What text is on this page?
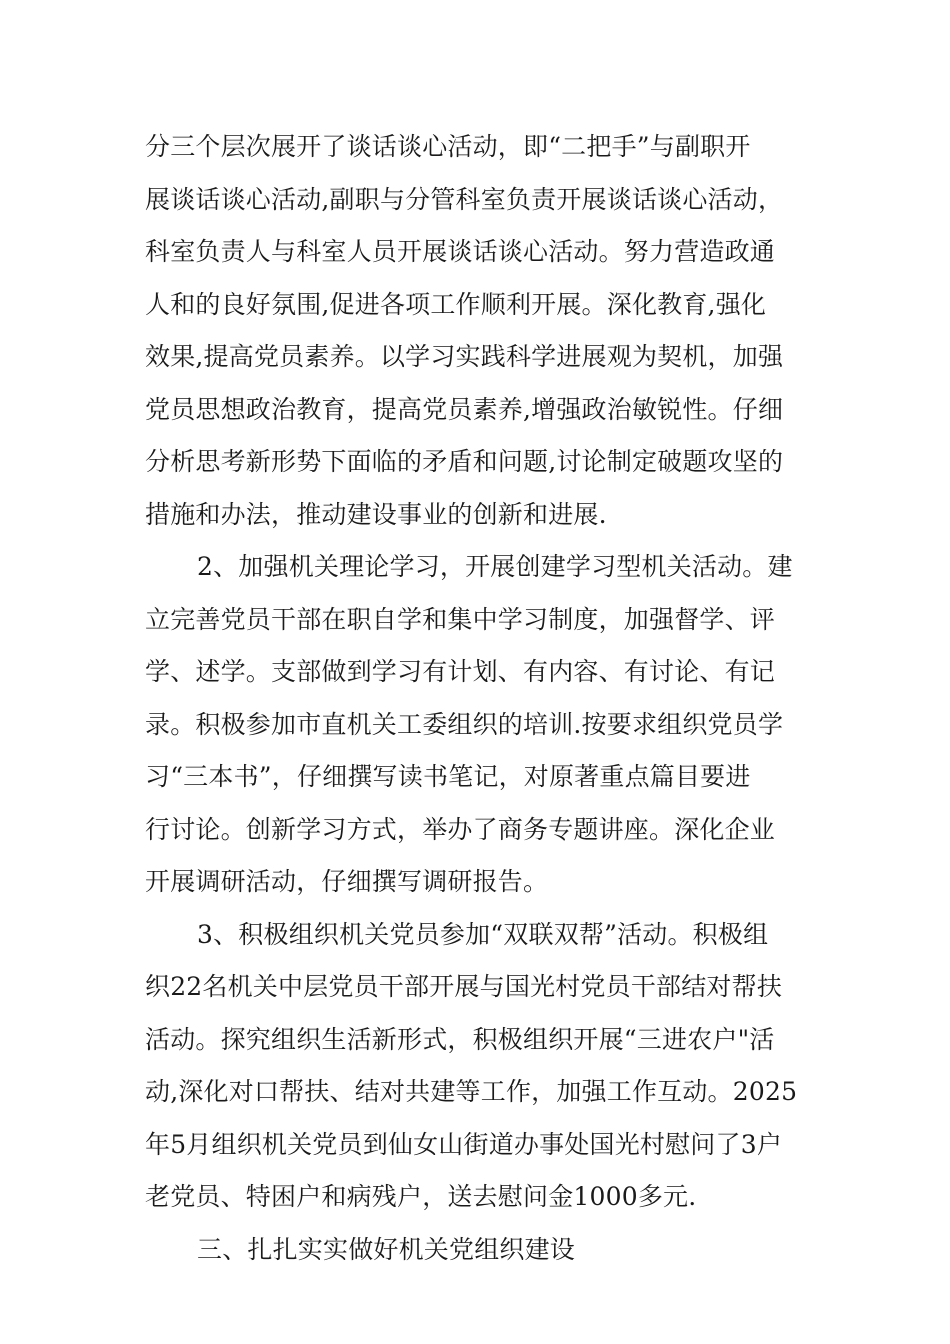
分三个层次展开了谈话谈心活动，即“二把手”与副职开

展谈话谈心活动,副职与分管科室负责开展谈话谈心活动，

科室负责人与科室人员开展谈话谈心活动。努力营造政通

人和的良好氛围,促进各项工作顺利开展。深化教育,强化

效果,提高党员素养。以学习实践科学进展观为契机，加强

党员思想政治教育，提高党员素养,增强政治敏锐性。仔细

分析思考新形势下面临的矛盾和问题,讨论制定破题攻坚的

措施和办法，推动建设事业的创新和进展.

2、加强机关理论学习，开展创建学习型机关活动。建

立完善党员干部在职自学和集中学习制度，加强督学、评

学、述学。支部做到学习有计划、有内容、有讨论、有记

录。积极参加市直机关工委组织的培训.按要求组织党员学

习“三本书”，仔细撰写读书笔记，对原著重点篇目要进

行讨论。创新学习方式，举办了商务专题讲座。深化企业

开展调研活动，仔细撰写调研报告。

3、积极组织机关党员参加“双联双帮”活动。积极组

织22名机关中层党员干部开展与国光村党员干部结对帮扶

活动。探究组织生活新形式，积极组织开展“三进农户"活

动,深化对口帮扶、结对共建等工作，加强工作互动。2025

年5月组织机关党员到仙女山街道办事处国光村慰问了3户

老党员、特困户和病残户，送去慰问金1000多元.

三、扎扎实实做好机关党组织建设
